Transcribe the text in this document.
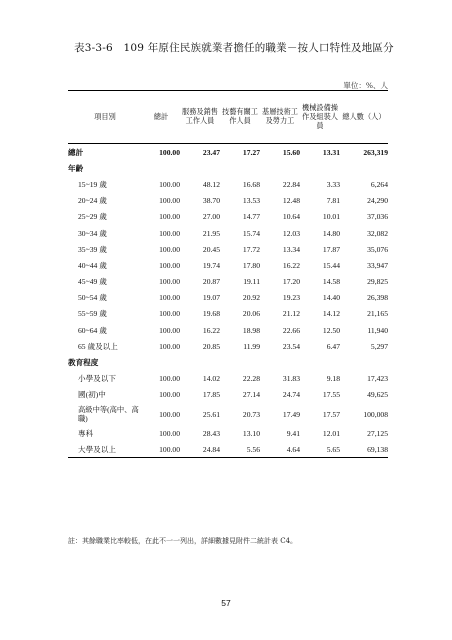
表3-3-6　109 年原住民族就業者擔任的職業－按人口特性及地區分
單位：%、人
項目別	總計	服務及銷售工作人員	技藝有關工作人員	基層技術工及勞力工	機械設備操作及組裝人員	總人數（人）
總計	100.00	23.47	17.27	15.60	13.31	263,319
年齡						
15~19 歲	100.00	48.12	16.68	22.84	3.33	6,264
20~24 歲	100.00	38.70	13.53	12.48	7.81	24,290
25~29 歲	100.00	27.00	14.77	10.64	10.01	37,036
30~34 歲	100.00	21.95	15.74	12.03	14.80	32,082
35~39 歲	100.00	20.45	17.72	13.34	17.87	35,076
40~44 歲	100.00	19.74	17.80	16.22	15.44	33,947
45~49 歲	100.00	20.87	19.11	17.20	14.58	29,825
50~54 歲	100.00	19.07	20.92	19.23	14.40	26,398
55~59 歲	100.00	19.68	20.06	21.12	14.12	21,165
60~64 歲	100.00	16.22	18.98	22.66	12.50	11,940
65 歲及以上	100.00	20.85	11.99	23.54	6.47	5,297
教育程度						
小學及以下	100.00	14.02	22.28	31.83	9.18	17,423
國(初)中	100.00	17.85	27.14	24.74	17.55	49,625
高級中等(高中、高職)	100.00	25.61	20.73	17.49	17.57	100,008
專科	100.00	28.43	13.10	9.41	12.01	27,125
大學及以上	100.00	24.84	5.56	4.64	5.65	69,138
註：其餘職業比率較低，在此不一一列出，詳細數據見附件二統計表 C4。
57
